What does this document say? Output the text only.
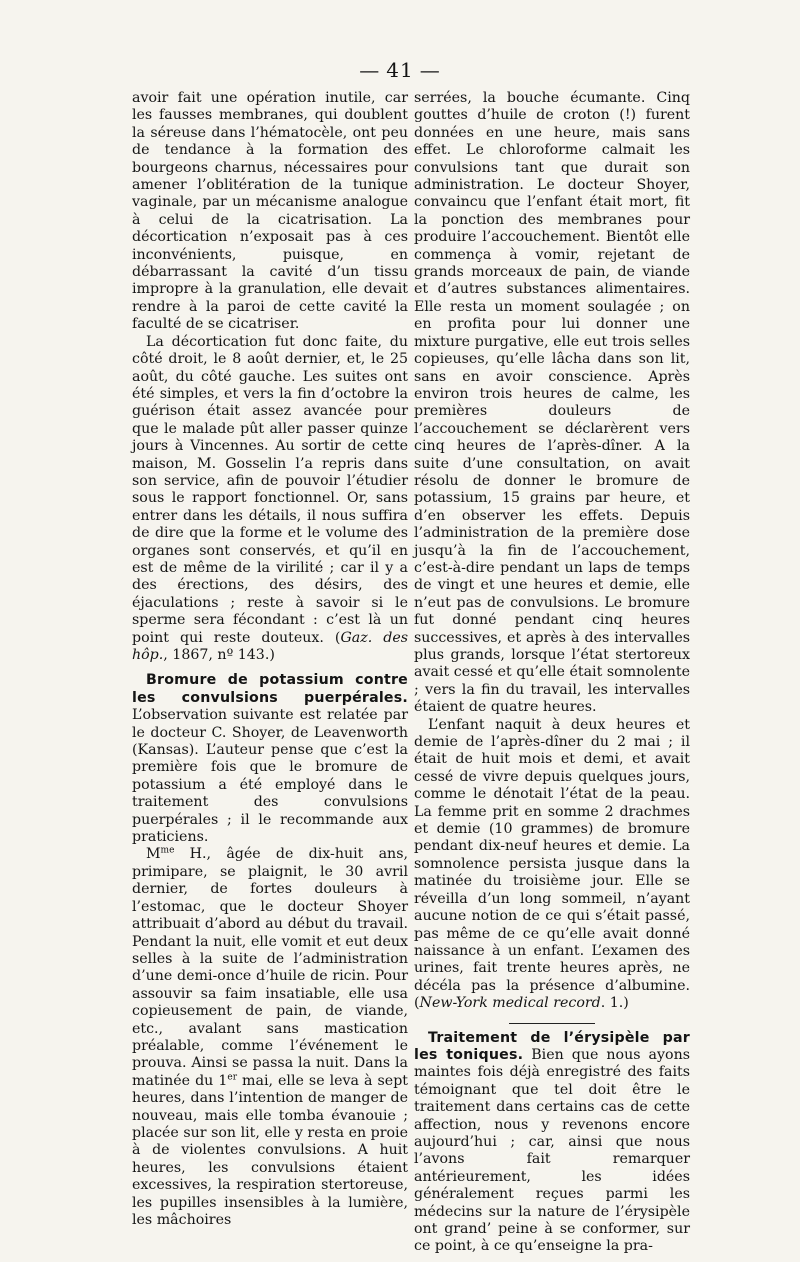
— 41 —

avoir fait une opération inutile, car les fausses membranes, qui doublent la séreuse dans l’hématocèle, ont peu de tendance à la formation des bourgeons charnus, nécessaires pour amener l’oblitération de la tunique vaginale, par un mécanisme analogue à celui de la cicatrisation. La décortication n’exposait pas à ces inconvénients, puisque, en débarrassant la cavité d’un tissu impropre à la granulation, elle devait rendre à la paroi de cette cavité la faculté de se cicatriser.

La décortication fut donc faite, du côté droit, le 8 août dernier, et, le 25 août, du côté gauche. Les suites ont été simples, et vers la fin d’octobre la guérison était assez avancée pour que le malade pût aller passer quinze jours à Vincennes. Au sortir de cette maison, M. Gosselin l’a repris dans son service, afin de pouvoir l’étudier sous le rapport fonctionnel. Or, sans entrer dans les détails, il nous suffira de dire que la forme et le volume des organes sont conservés, et qu’il en est de même de la virilité ; car il y a des érections, des désirs, des éjaculations ; reste à savoir si le sperme sera fécondant : c’est là un point qui reste douteux. (Gaz. des hôp., 1867, nº 143.)

Bromure de potassium contre les convulsions puerpérales. L’observation suivante est relatée par le docteur C. Shoyer, de Leavenworth (Kansas). L’auteur pense que c’est la première fois que le bromure de potassium a été employé dans le traitement des convulsions puerpérales ; il le recommande aux praticiens.

$M^{me}$ H., âgée de dix-huit ans, primipare, se plaignit, le 30 avril dernier, de fortes douleurs à l’estomac, que le docteur Shoyer attribuait d’abord au début du travail. Pendant la nuit, elle vomit et eut deux selles à la suite de l’administration d’une demi-once d’huile de ricin. Pour assouvir sa faim insatiable, elle usa copieusement de pain, de viande, etc., avalant sans mastication préalable, comme l’événement le prouva. Ainsi se passa la nuit. Dans la matinée du 1er mai, elle se leva à sept heures, dans l’intention de manger de nouveau, mais elle tomba évanouie ; placée sur son lit, elle y resta en proie à de violentes convulsions. A huit heures, les convulsions étaient excessives, la respiration stertoreuse, les pupilles insensibles à la lumière, les mâchoires

serrées, la bouche écumante. Cinq gouttes d’huile de croton (!) furent données en une heure, mais sans effet. Le chloroforme calmait les convulsions tant que durait son administration. Le docteur Shoyer, convaincu que l’enfant était mort, fit la ponction des membranes pour produire l’accouchement. Bientôt elle commença à vomir, rejetant de grands morceaux de pain, de viande et d’autres substances alimentaires. Elle resta un moment soulagée ; on en profita pour lui donner une mixture purgative, elle eut trois selles copieuses, qu’elle lâcha dans son lit, sans en avoir conscience. Après environ trois heures de calme, les premières douleurs de l’accouchement se déclarèrent vers cinq heures de l’après-dîner. A la suite d’une consultation, on avait résolu de donner le bromure de potassium, 15 grains par heure, et d’en observer les effets. Depuis l’administration de la première dose jusqu’à la fin de l’accouchement, c’est-à-dire pendant un laps de temps de vingt et une heures et demie, elle n’eut pas de convulsions. Le bromure fut donné pendant cinq heures successives, et après à des intervalles plus grands, lorsque l’état stertoreux avait cessé et qu’elle était somnolente ; vers la fin du travail, les intervalles étaient de quatre heures.

L’enfant naquit à deux heures et demie de l’après-dîner du 2 mai ; il était de huit mois et demi, et avait cessé de vivre depuis quelques jours, comme le dénotait l’état de la peau. La femme prit en somme 2 drachmes et demie (10 grammes) de bromure pendant dix-neuf heures et demie. La somnolence persista jusque dans la matinée du troisième jour. Elle se réveilla d’un long sommeil, n’ayant aucune notion de ce qui s’était passé, pas même de ce qu’elle avait donné naissance à un enfant. L’examen des urines, fait trente heures après, ne décéla pas la présence d’albumine. (New-York medical record. 1.)

Traitement de l’érysipèle par les toniques. Bien que nous ayons maintes fois déjà enregistré des faits témoignant que tel doit être le traitement dans certains cas de cette affection, nous y revenons encore aujourd’hui ; car, ainsi que nous l’avons fait remarquer antérieurement, les idées généralement reçues parmi les médecins sur la nature de l’érysipèle ont grand’ peine à se conformer, sur ce point, à ce qu’enseigne la pra-
